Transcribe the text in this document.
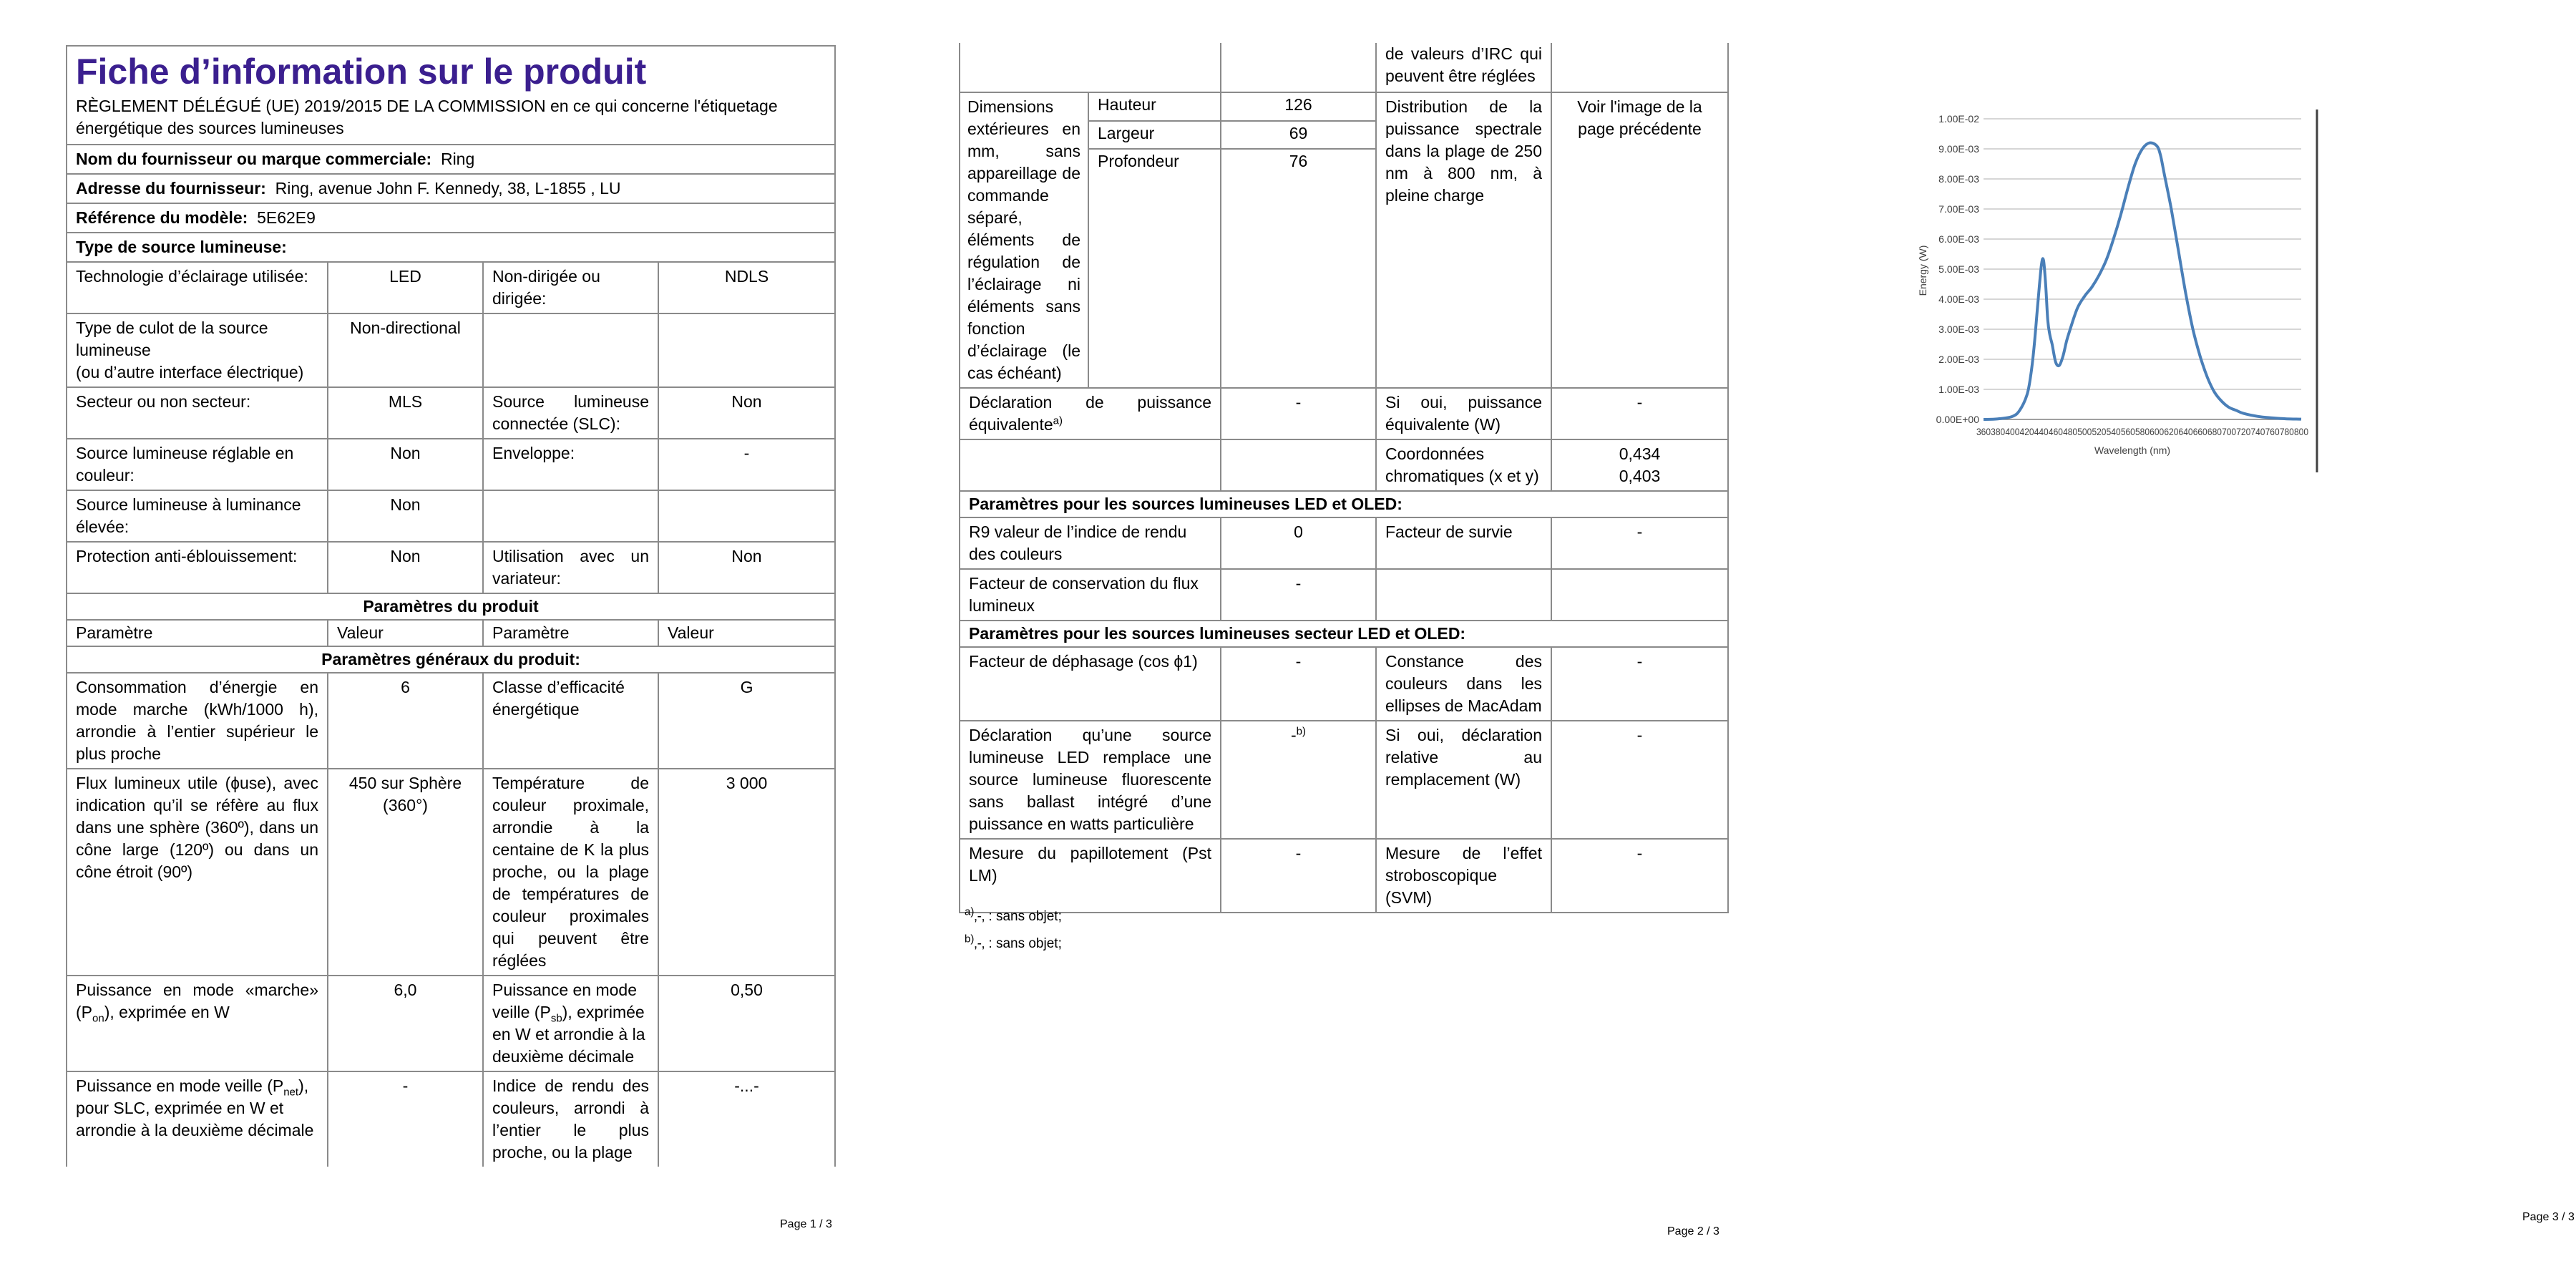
Fiche d’information sur le produit
RÈGLEMENT DÉLÉGUÉ (UE) 2019/2015 DE LA COMMISSION en ce qui concerne l'étiquetage énergétique des sources lumineuses			

Nom du fournisseur ou marque commerciale: Ring			
Adresse du fournisseur: Ring, avenue John F. Kennedy, 38, L-1855 , LU			
Référence du modèle: 5E62E9			
Type de source lumineuse:			
Technologie d’éclairage utilisée:	LED	Non-dirigée ou dirigée:	NDLS

Type de culot de la source lumineuse
(ou d’autre interface électrique)	Non-directional		
Secteur ou non secteur:	MLS	Source lumineuse connectée (SLC):	Non
Source lumineuse réglable en couleur:	Non	Enveloppe:	-
Source lumineuse à luminance élevée:	Non		
Protection anti-éblouissement:	Non	Utilisation avec un variateur:	Non
Paramètres du produit			
Paramètre	Valeur	Paramètre	Valeur
Paramètres généraux du produit:			
Consommation d’énergie en mode marche (kWh/1000 h), arrondie à l’entier supérieur le plus proche	6	Classe d’efficacité énergétique	G
Flux lumineux utile (ɸuse), avec indication qu’il se réfère au flux dans une sphère (360º), dans un cône large (120º) ou dans un cône étroit (90º)	450 sur Sphère (360°)	Température de couleur proximale, arrondie à la centaine de K la plus proche, ou la plage de températures de couleur proximales qui peuvent être réglées	3 000
Puissance en mode «marche» $(P_{on})$, exprimée en W	6,0	Puissance en mode veille $(P_{sb})$, exprimée en W et arrondie à la deuxième décimale	0,50
Puissance en mode veille $(P_{net})$, pour SLC, exprimée en W et arrondie à la deuxième décimale	-	Indice de rendu des couleurs, arrondi à l’entier le plus proche, ou la plage	-...-
Page 1 / 3
			de valeurs d’IRC qui peuvent être réglées	
Dimensions extérieures en mm, sans appareillage de commande séparé, éléments de régulation de l’éclairage ni éléments sans fonction d’éclairage (le cas échéant)	Hauteur	126	Distribution de la puissance spectrale dans la plage de 250 nm à 800 nm, à pleine charge	Voir l'image de la page précédente
	Largeur	69		
	Profondeur	76		
Déclaration de puissance équivalente$^{a)}$		-	Si oui, puissance équivalente (W)	-
			Coordonnées chromatiques (x et y)	0,434
0,403

Paramètres pour les sources lumineuses LED et OLED:				
R9 valeur de l’indice de rendu des couleurs		0	Facteur de survie	-
Facteur de conservation du flux lumineux		-		
Paramètres pour les sources lumineuses secteur LED et OLED:				
Facteur de déphasage (cos ϕ1)		-	Constance des couleurs dans les ellipses de MacAdam	-
Déclaration qu’une source lumineuse LED remplace une source lumineuse fluorescente sans ballast intégré d’une puissance en watts particulière		-$^{b)}$	Si oui, déclaration relative au remplacement (W)	-
Mesure du papillotement (Pst LM)		-	Mesure de l’effet stroboscopique (SVM)	-
$^{a)}$‚-‚ : sans objet;
$^{b)}$‚-‚ : sans objet;
Page 2 / 3
0.00E+00
1.00E-03
2.00E-03
3.00E-03
4.00E-03
5.00E-03
6.00E-03
7.00E-03
8.00E-03
9.00E-03
1.00E-02
360 380 400 420 440 460 480 500 520 540 560 580 600 620 640 660 680 700 720 740 760 780 800
Energy (W)
Wavelength (nm)
Page 3 / 3
